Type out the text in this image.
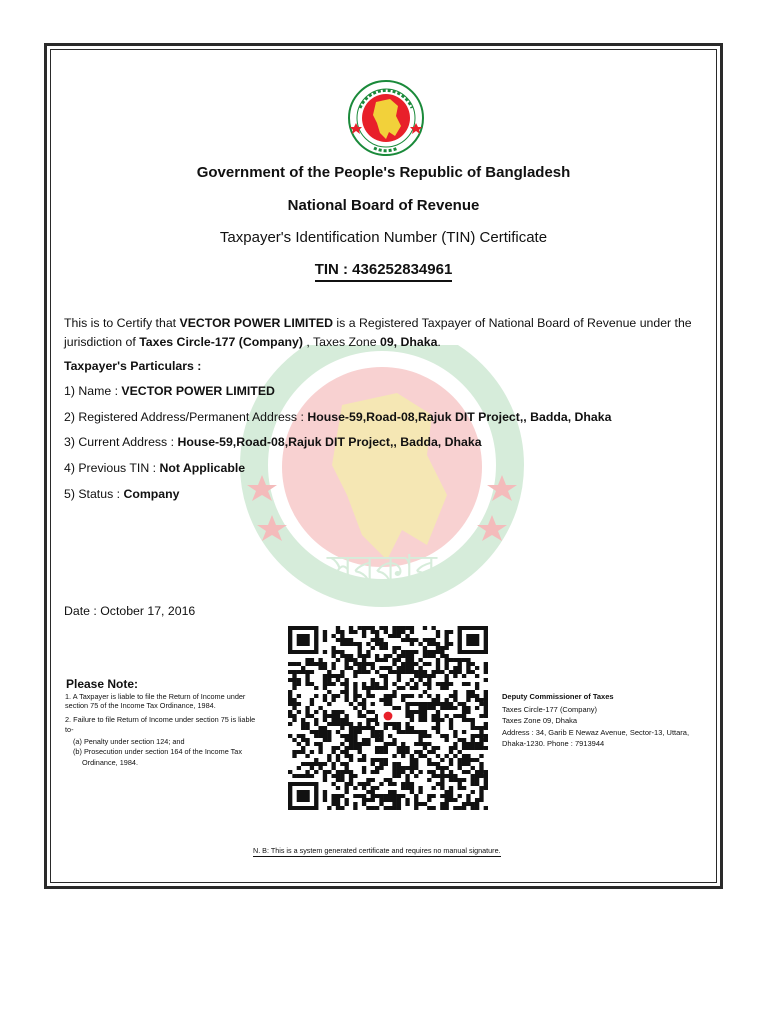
সরকার
Government of the People's Republic of Bangladesh
National Board of Revenue
Taxpayer's Identification Number (TIN) Certificate
TIN : 436252834961
This is to Certify that VECTOR POWER LIMITED is a Registered Taxpayer of National Board of Revenue under the jurisdiction of Taxes Circle-177 (Company) , Taxes Zone 09, Dhaka.
Taxpayer's Particulars :
1) Name : VECTOR POWER LIMITED
2) Registered Address/Permanent Address : House-59,Road-08,Rajuk DIT Project,, Badda, Dhaka
3) Current Address : House-59,Road-08,Rajuk DIT Project,, Badda, Dhaka
4) Previous TIN : Not Applicable
5) Status : Company
Date : October 17, 2016
Please Note:
1. A Taxpayer is liable to file the Return of Income under
section 75 of the Income Tax Ordinance, 1984.
2. Failure to file Return of Income under section 75 is liable
to-
(a) Penalty under section 124; and
(b) Prosecution under section 164 of the Income Tax
Ordinance, 1984.
Deputy Commissioner of Taxes
Taxes Circle-177 (Company)
Taxes Zone 09, Dhaka
Address : 34, Garib E Newaz Avenue, Sector-13, Uttara,
Dhaka-1230. Phone : 7913944
N. B: This is a system generated certificate and requires no manual signature.
